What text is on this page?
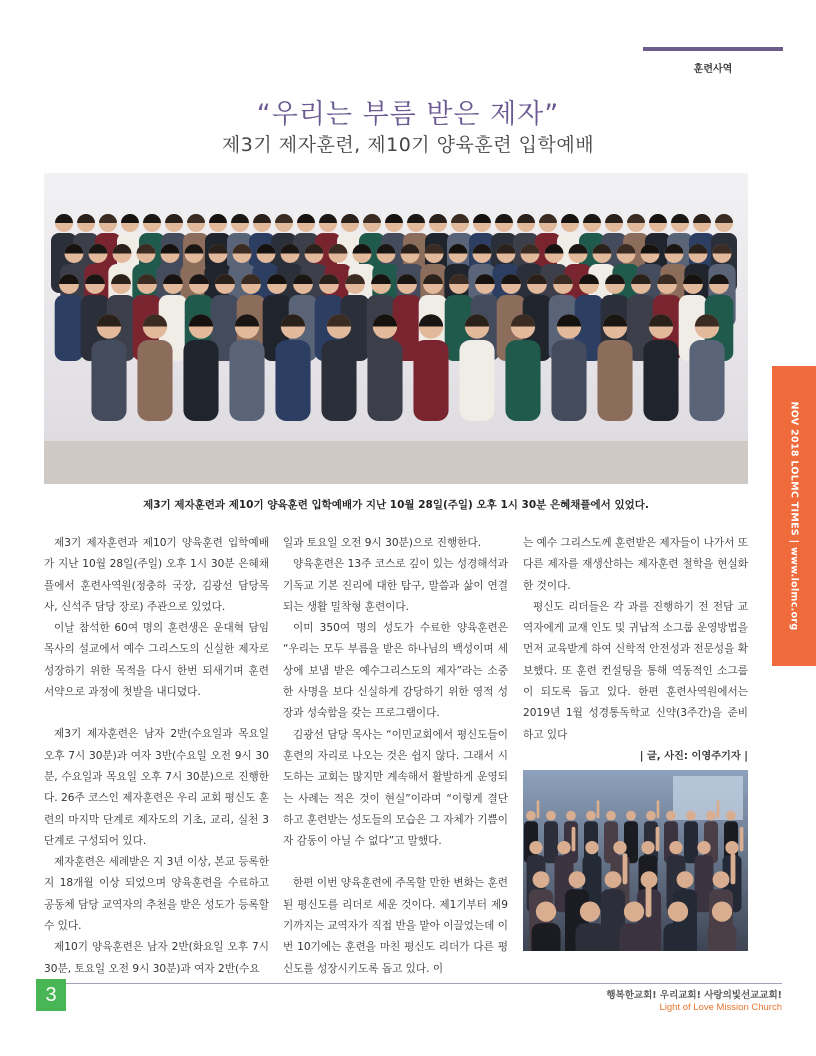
훈련사역
“우리는 부름 받은 제자”
제3기 제자훈련, 제10기 양육훈련 입학예배
제3기 제자훈련과 제10기 양육훈련 입학예배가 지난 10월 28일(주일) 오후 1시 30분 은혜채플에서 있었다.	NOV 2018 LOLMC TIMES | www.lolmc.org

제3기 제자훈련과 제10기 양육훈련 입학예배가 지난 10월 28일(주일) 오후 1시 30분 은혜채플에서 훈련사역원(정충하 국장, 김광선 담당목사, 신석주 담당 장로) 주관으로 있었다.

이날 참석한 60여 명의 훈련생은 운대혁 담임목사의 설교에서 예수 그리스도의 신실한 제자로 성장하기 위한 목적을 다시 한번 되새기며 훈련 서약으로 과정에 첫발을 내디뎠다.

제3기 제자훈련은 남자 2반(수요일과 목요일 오후 7시 30분)과 여자 3반(수요일 오전 9시 30분, 수요일과 목요일 오후 7시 30분)으로 진행한다. 26주 코스인 제자훈련은 우리 교회 평신도 훈련의 마지막 단계로 제자도의 기초, 교리, 실천 3단계로 구성되어 있다.

제자훈련은 세례받은 지 3년 이상, 본교 등록한 지 18개월 이상 되었으며 양육훈련을 수료하고 공동체 담당 교역자의 추천을 받은 성도가 등록할수 있다.

제10기 양육훈련은 남자 2반(화요일 오후 7시 30분, 토요일 오전 9시 30분)과 여자 2반(수요

일과 토요일 오전 9시 30분)으로 진행한다.

양육훈련은 13주 코스로 깊이 있는 성경해석과 기독교 기본 진리에 대한 탐구, 말씀과 삶이 연결되는 생활 밀착형 훈련이다.

이미 350여 명의 성도가 수료한 양육훈련은 “우리는 모두 부름을 받은 하나님의 백성이며 세상에 보냄 받은 예수그리스도의 제자”라는 소중한 사명을 보다 신실하게 감당하기 위한 영적 성장과 성숙함을 갖는 프로그램이다.

김광선 담당 목사는 “이민교회에서 평신도들이 훈련의 자리로 나오는 것은 쉽지 않다. 그래서 시도하는 교회는 많지만 계속해서 활발하게 운영되는 사례는 적은 것이 현실”이라며 “이렇게 결단하고 훈련받는 성도들의 모습은 그 자체가 기쁨이자 감동이 아닐 수 없다”고 말했다.

한편 이번 양육훈련에 주목할 만한 변화는 훈련된 평신도를 리더로 세운 것이다. 제1기부터 제9기까지는 교역자가 직접 반을 맡아 이끌었는데 이번 10기에는 훈련을 마친 평신도 리더가 다른 평신도를 성장시키도록 돕고 있다. 이

는 예수 그리스도께 훈련받은 제자들이 나가서 또 다른 제자를 재생산하는 제자훈련 철학을 현실화한 것이다.

평신도 리더들은 각 과를 진행하기 전 전담 교역자에게 교재 인도 및 귀납적 소그룹 운영방법을 먼저 교육받게 하여 신학적 안전성과 전문성을 확보했다. 또 훈련 컨설팅을 통해 역동적인 소그룹이 되도록 돕고 있다. 한편 훈련사역원에서는 2019년 1월 성경통독학교 신약(3주간)을 준비하고 있다

| 글, 사진: 이영주기자 |
3	행복한교회! 우리교회! 사랑의빛선교교회!
Light of Love Mission Church
